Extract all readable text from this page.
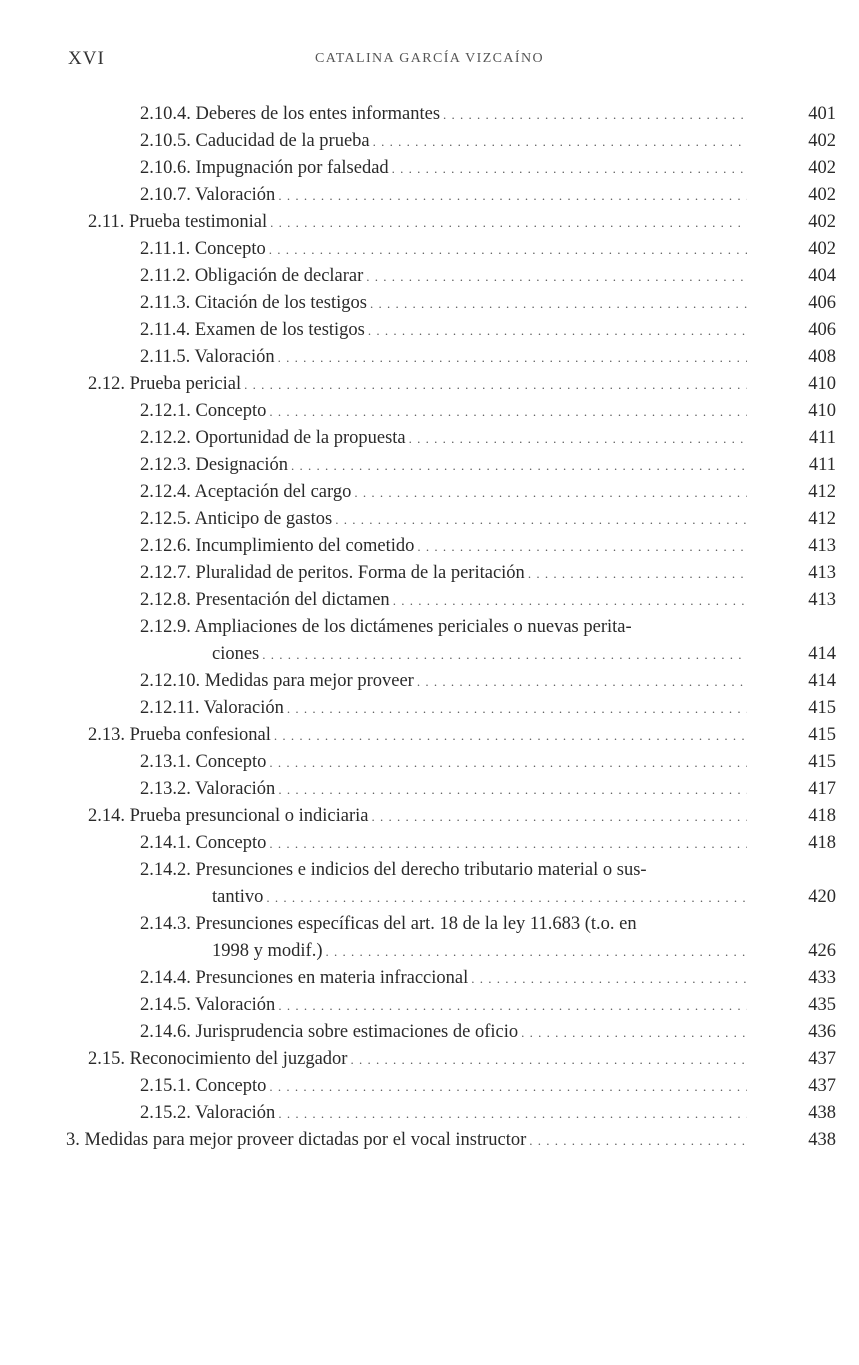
XVI	CATALINA GARCÍA VIZCAÍNO
2.10.4. Deberes de los entes informantes . . .	401
2.10.5. Caducidad de la prueba . . .	402
2.10.6. Impugnación por falsedad . . .	402
2.10.7. Valoración . . .	402
2.11. Prueba testimonial . . .	402
2.11.1. Concepto . . .	402
2.11.2. Obligación de declarar . . .	404
2.11.3. Citación de los testigos . . .	406
2.11.4. Examen de los testigos . . .	406
2.11.5. Valoración . . .	408
2.12. Prueba pericial . . .	410
2.12.1. Concepto . . .	410
2.12.2. Oportunidad de la propuesta . . .	411
2.12.3. Designación . . .	411
2.12.4. Aceptación del cargo . . .	412
2.12.5. Anticipo de gastos . . .	412
2.12.6. Incumplimiento del cometido . . .	413
2.12.7. Pluralidad de peritos. Forma de la peritación . . .	413
2.12.8. Presentación del dictamen . . .	413
2.12.9. Ampliaciones de los dictámenes periciales o nuevas perita-
ciones . . .	414
2.12.10. Medidas para mejor proveer . . .	414
2.12.11. Valoración . . .	415
2.13. Prueba confesional . . .	415
2.13.1. Concepto . . .	415
2.13.2. Valoración . . .	417
2.14. Prueba presuncional o indiciaria . . .	418
2.14.1. Concepto . . .	418
2.14.2. Presunciones e indicios del derecho tributario material o sus-
tantivo . . .	420
2.14.3. Presunciones específicas del art. 18 de la ley 11.683 (t.o. en
1998 y modif.) . . .	426
2.14.4. Presunciones en materia infraccional . . .	433
2.14.5. Valoración . . .	435
2.14.6. Jurisprudencia sobre estimaciones de oficio . . .	436
2.15. Reconocimiento del juzgador . . .	437
2.15.1. Concepto . . .	437
2.15.2. Valoración . . .	438
3. Medidas para mejor proveer dictadas por el vocal instructor . . .	438
